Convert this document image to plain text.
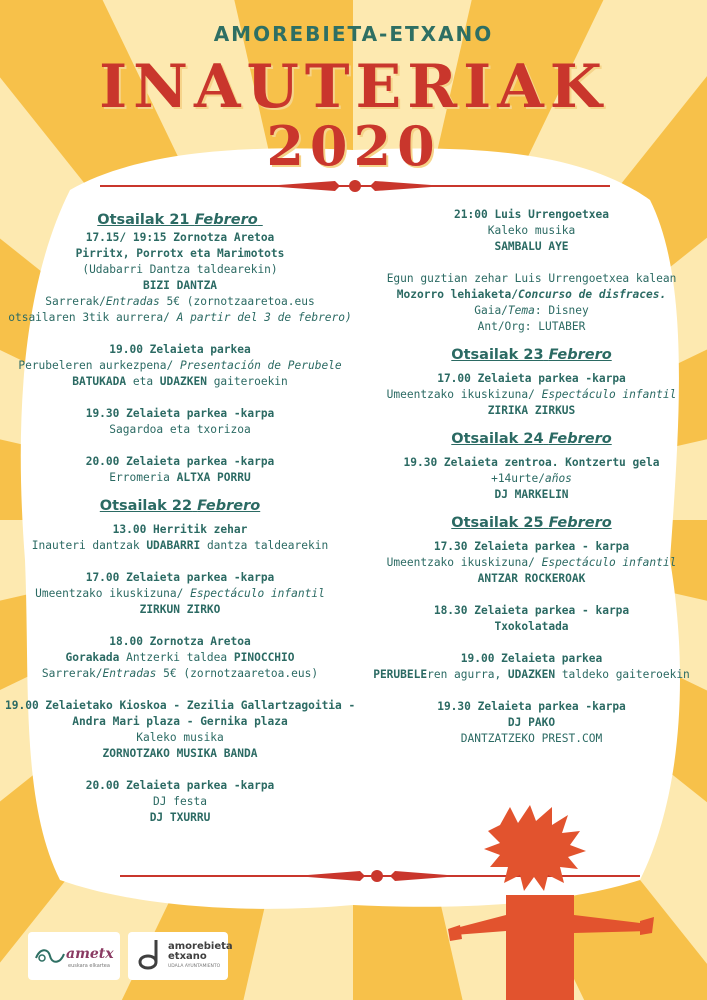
AMOREBIETA-ETXANO
INAUTERIAK
2020

Otsailak 21 Febrero

17.15/ 19:15 Zornotza Aretoa

Pirritx, Porrotx eta Marimotots

(Udabarri Dantza taldearekin)

BIZI DANTZA

Sarrerak/Entradas 5€ (zornotzaaretoa.eus

otsailaren 3tik aurrera/ A partir del 3 de febrero)

19.00 Zelaieta parkea

Perubeleren aurkezpena/ Presentación de Perubele

BATUKADA eta UDAZKEN gaiteroekin

19.30 Zelaieta parkea -karpa

Sagardoa eta txorizoa

20.00 Zelaieta parkea -karpa

Erromeria ALTXA PORRU

Otsailak 22 Febrero

13.00 Herritik zehar

Inauteri dantzak UDABARRI dantza taldearekin

17.00 Zelaieta parkea -karpa

Umeentzako ikuskizuna/ Espectáculo infantil

ZIRKUN ZIRKO

18.00 Zornotza Aretoa

Gorakada Antzerki taldea PINOCCHIO

Sarrerak/Entradas 5€ (zornotzaaretoa.eus)

19.00 Zelaietako Kioskoa - Zezilia Gallartzagoitia -

Andra Mari plaza - Gernika plaza

Kaleko musika

ZORNOTZAKO MUSIKA BANDA

20.00 Zelaieta parkea -karpa

DJ festa

DJ TXURRU

21:00 Luis Urrengoetxea

Kaleko musika

SAMBALU AYE

Egun guztian zehar Luis Urrengoetxea kalean

Mozorro lehiaketa/Concurso de disfraces.

Gaia/Tema: Disney

Ant/Org: LUTABER

Otsailak 23 Febrero

17.00 Zelaieta parkea -karpa

Umeentzako ikuskizuna/ Espectáculo infantil

ZIRIKA ZIRKUS

Otsailak 24 Febrero

19.30 Zelaieta zentroa. Kontzertu gela

+14urte/años

DJ MARKELIN

Otsailak 25 Febrero

17.30 Zelaieta parkea - karpa

Umeentzako ikuskizuna/ Espectáculo infantil

ANTZAR ROCKEROAK

18.30 Zelaieta parkea - karpa

Txokolatada

19.00 Zelaieta parkea

PERUBELEren agurra, UDAZKEN taldeko gaiteroekin

19.30 Zelaieta parkea -karpa

DJ PAKO

DANTZATZEKO PREST.COM

ametx
euskara elkartea
amorebieta
etxano
UDALA AYUNTAMIENTO
